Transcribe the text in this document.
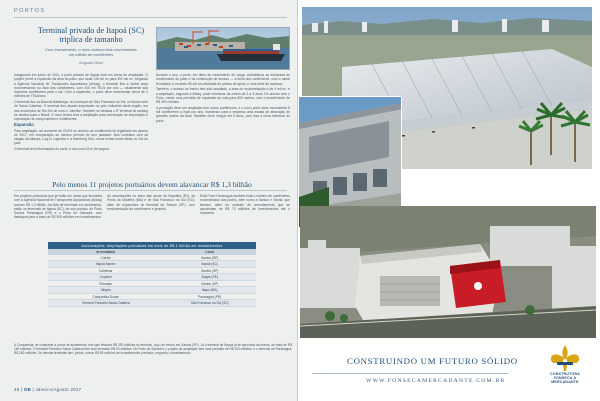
PORTOS
Terminal privado de Itapoá (SC)
triplica de tamanho
Com investimento, o novo sistema terá movimentado
um milhão de contêineres
Augusto Diniz

Inaugurado em junho de 2011, o porto privado de Itapoá está em obras de ampliação. O projeto prevê a expansão da área do pátio, que atual 145 mil m² para 300 mil m². Segundo a Agência Nacional de Transportes Aquaviários (Antaq), o terminal fica a vários anos movimentando na Ásia dos contêineres, com 300 mil TEUs por ano — atualmente são duzentos contêineres para o sul. Com a expansão, o porto deve movimentar cerca de 2 milhões de TEUs/ano.

O terminal fica na Baía da Babitonga, no município de São Francisco do Sul, no litoral norte de Santa Catarina. O terminal tem atuado importante no polo industrial desta região, em dos municípios de Rio Jim de novo e Joinville. Também se destaca o 8º terminal do ranking de destino para o Brasil. O novo trecho leva a ampliação para construção de importação e exportação de componentes e contêineres.

Expansão

Para ampliação, um aumento de 25,6% no número de contêineres foi registrado em janeiro de 2017, em comparação ao mesmo período do ano passado. Nos contratos com as cargas da Aliança, Log-In Logística e a Hamburg Süd, novas linhas foram feitas no Sul do país.

O terminal tem informações do porto, e deu com 43 m de largura.

Durante o ano, o porto, em ritmo de crescimento de carga, contabilizou as estruturas de recebimento do pátio e da construção de acesso — a linha dos contêineres, com o ramal ferroviário, e recebeu 80 mil em atividade de pontos de apoio, e uma série de acessos.

Também, o acesso ao trecho tem sido ampliado, a área de movimentação é de 4 mil m², e a ampliação, segundo a Antaq, pode estruturar da ordem de 2 a 3 anos. De acordo com o Porto, existe uma previsão de expansão do cais para 800 metros, com o investimento de R$ 300 milhões.

A produção deve ser ampliada com novos portêineres, e o novo porto deve movimentar 8 mil contêineres a mais por ano, mantendo para a empresa uma escala de atracação de grandes navios da Ásia. Também deve chegar em 5 anos, com isso a nova estrutura do porto.

Pelo menos 11 projetos portuários devem alavancar R$ 1,3 bilhão
Em projetos portuários que já estão em obras que fechados com a Agência Nacional de Transportes Aquaviários (Antaq) somam R$ 1,3 bilhão. Na lista de terminais em andamento, estão os terminais de Itapoá (SC), de uso privado, do Porto Santos Paranaguá (PR) e o Porto de Salvador, com destaque para a mais de R$ 300 milhões em investimentos.
As autorizações do setor são ainda da Sepetiba (RJ), da Ponta da Madeira (MA) e de São Francisco do Sul (SC), além de expansões do terminal de Santos (SP), com movimentação de contêineres e granéis.
Está Porto Paranaguá também está o número de contêineres movimentado dos portos, bem como a Santos e Vitória, que tiveram, além do contrato de arrendamento que se aproximam de R$ 70 milhões de investimentos até o momento.
Autorizações: ampliações portuárias em mais de R$ 1 bilhão em investimentos
Arrendatário	Local
Cutrale	Santos (SP)
Itapoá Itaprev	Itapoá (SC)
Usiminas	Santos (SP)
Copelmi	Suape (PE)
Eldorado	Santos (SP)
Alegria	Itaqui (MA)
Companhia Docas	Paranaguá (PR)
Terminal Portuário Santa Catarina	São Francisco do Sul (SC)
A Companhia, se completar a prova de andamento, tem que finalizar R$ 353 milhões no terminal, cujo um trecho em Santos (SP). Já o terminal de Itapoá já se aproxima da marca, de mais de R$ 160 milhões. O terminal Portuário Santa Catarina tem sido investido R$ 90 milhões. No Porto de Salvador, o projeto de ampliação tem uma previsão de R$ 100 milhões, e o terminal de Paranaguá, R$ 150 milhões. Os demais terminais tem, juntos, outros R$ 80 milhões de investimentos previstos, segundo o levantamento.
46 | OE | Janeiro/Agosto 2017
CONSTRUINDO UM FUTURO SÓLIDO
WWW.FONSECAMERCADANTE.COM.BR
CONSTRUTORA
FONSECA &
MERCADANTE
